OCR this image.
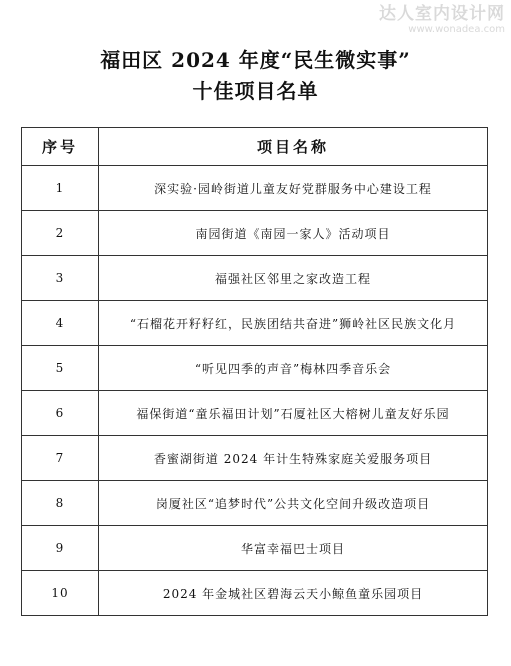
达人室内设计网
www.wonadea.com
福田区 2024 年度“民生微实事”
十佳项目名单
序号	项目名称
1	深实验·园岭街道儿童友好党群服务中心建设工程
2	南园街道《南园一家人》活动项目
3	福强社区邻里之家改造工程
4	“石榴花开籽籽红，民族团结共奋进”狮岭社区民族文化月
5	“听见四季的声音”梅林四季音乐会
6	福保街道“童乐福田计划”石厦社区大榕树儿童友好乐园
7	香蜜湖街道 2024 年计生特殊家庭关爱服务项目
8	岗厦社区“追梦时代”公共文化空间升级改造项目
9	华富幸福巴士项目
10	2024 年金城社区碧海云天小鲸鱼童乐园项目
